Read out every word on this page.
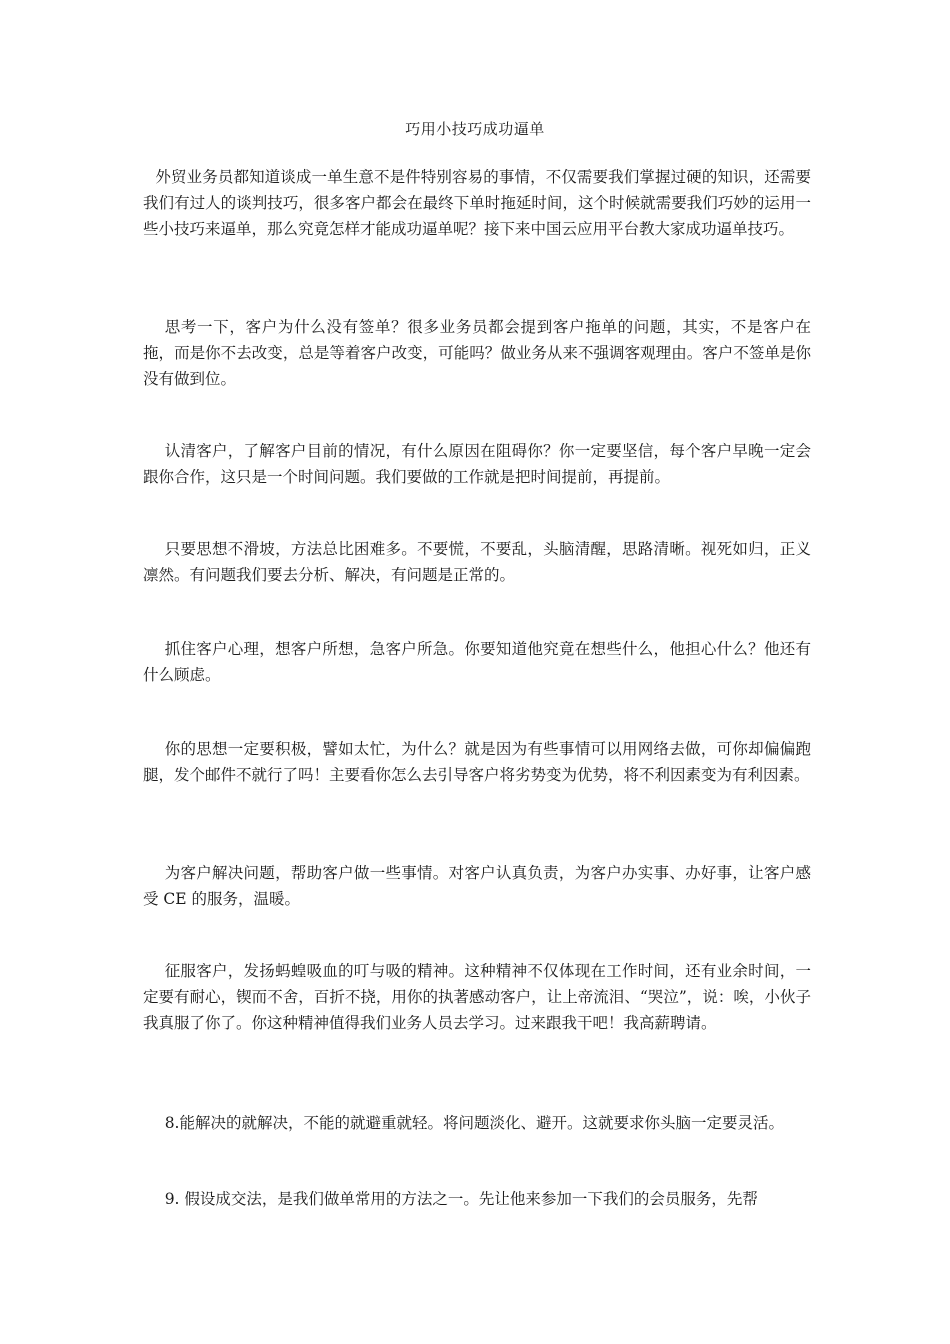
巧用小技巧成功逼单

外贸业务员都知道谈成一单生意不是件特别容易的事情，不仅需要我们掌握过硬的知识，还需要我们有过人的谈判技巧，很多客户都会在最终下单时拖延时间，这个时候就需要我们巧妙的运用一些小技巧来逼单，那么究竟怎样才能成功逼单呢？接下来中国云应用平台教大家成功逼单技巧。

思考一下，客户为什么没有签单？很多业务员都会提到客户拖单的问题，其实，不是客户在拖，而是你不去改变，总是等着客户改变，可能吗？做业务从来不强调客观理由。客户不签单是你没有做到位。

认清客户，了解客户目前的情况，有什么原因在阻碍你？你一定要坚信，每个客户早晚一定会跟你合作，这只是一个时间问题。我们要做的工作就是把时间提前，再提前。

只要思想不滑坡，方法总比困难多。不要慌，不要乱，头脑清醒，思路清晰。视死如归，正义凛然。有问题我们要去分析、解决，有问题是正常的。

抓住客户心理，想客户所想，急客户所急。你要知道他究竟在想些什么，他担心什么？他还有什么顾虑。

你的思想一定要积极，譬如太忙，为什么？就是因为有些事情可以用网络去做，可你却偏偏跑腿，发个邮件不就行了吗！主要看你怎么去引导客户将劣势变为优势，将不利因素变为有利因素。

为客户解决问题，帮助客户做一些事情。对客户认真负责，为客户办实事、办好事，让客户感受 CE 的服务，温暖。

征服客户，发扬蚂蝗吸血的叮与吸的精神。这种精神不仅体现在工作时间，还有业余时间，一定要有耐心，锲而不舍，百折不挠，用你的执著感动客户，让上帝流泪、“哭泣”，说：唉，小伙子我真服了你了。你这种精神值得我们业务人员去学习。过来跟我干吧！我高薪聘请。

8.能解决的就解决，不能的就避重就轻。将问题淡化、避开。这就要求你头脑一定要灵活。

9. 假设成交法，是我们做单常用的方法之一。先让他来参加一下我们的会员服务，先帮
